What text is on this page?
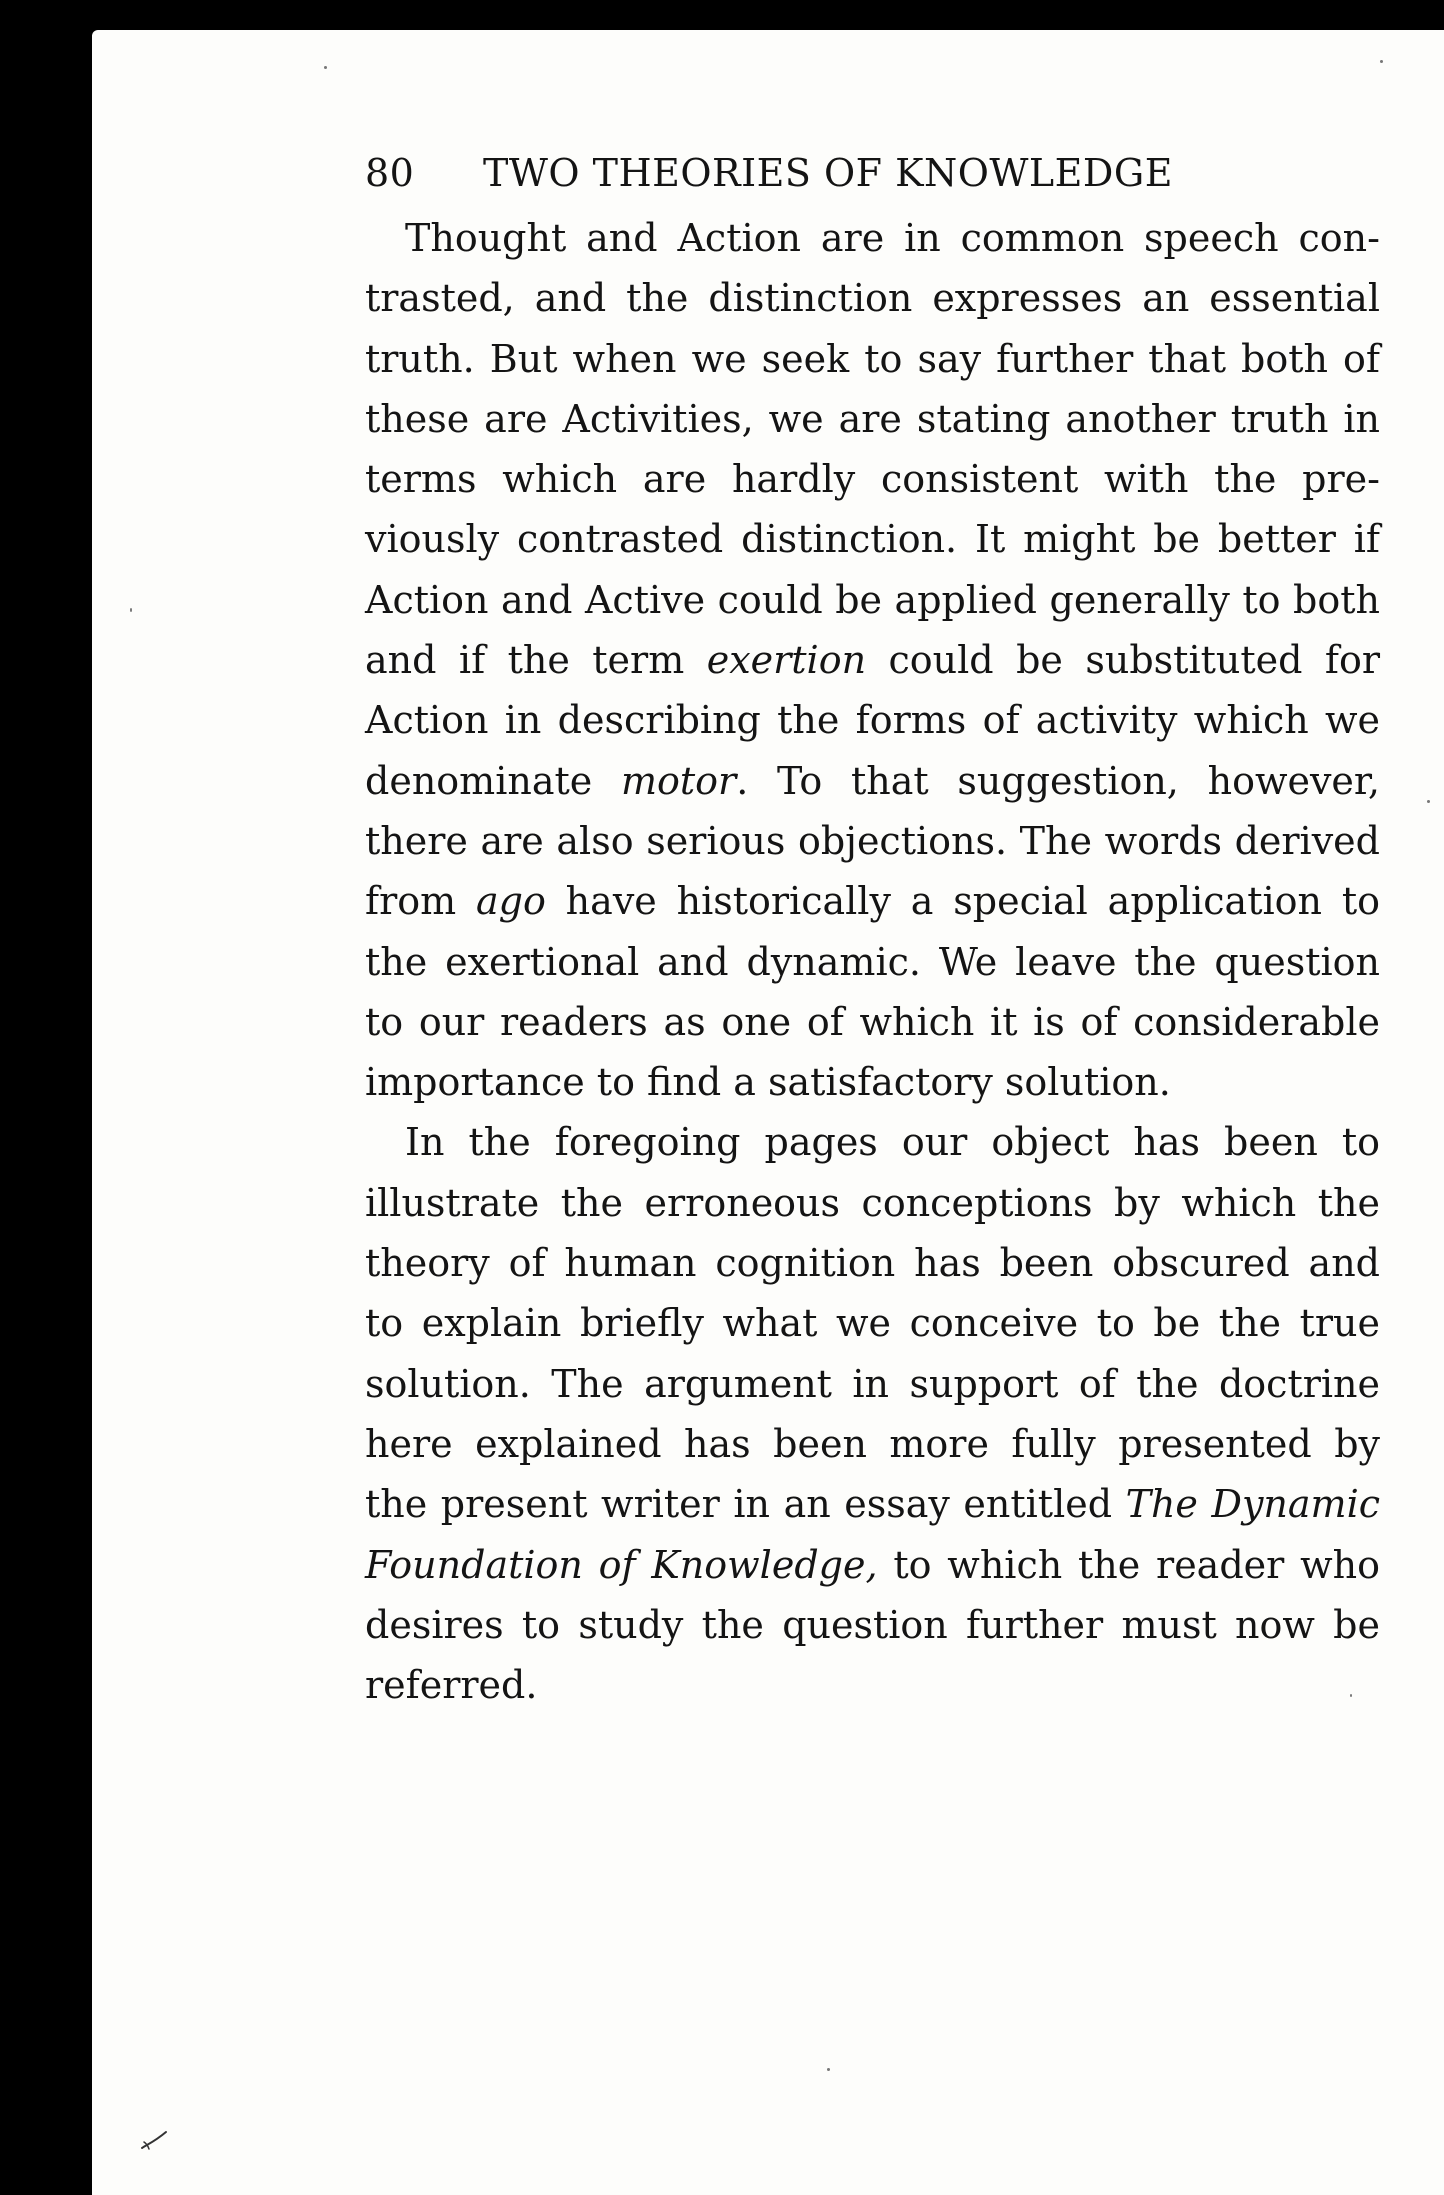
80 TWO THEORIES OF KNOWLEDGE

Thought and Action are in common speech contrasted, and the distinction expresses an essential truth. But when we seek to say further that both of these are Activities, we are stating another truth in terms which are hardly consistent with the previously contrasted distinction. It might be better if Action and Active could be applied generally to both and if the term exertion could be substituted for Action in describing the forms of activity which we denominate motor. To that suggestion, however, there are also serious objections. The words derived from ago have historically a special application to the exertional and dynamic. We leave the question to our readers as one of which it is of considerable importance to find a satisfactory solution.

In the foregoing pages our object has been to illustrate the erroneous conceptions by which the theory of human cognition has been obscured and to explain briefly what we conceive to be the true solution. The argument in support of the doctrine here explained has been more fully presented by the present writer in an essay entitled The Dynamic Foundation of Knowledge, to which the reader who desires to study the question further must now be referred.
